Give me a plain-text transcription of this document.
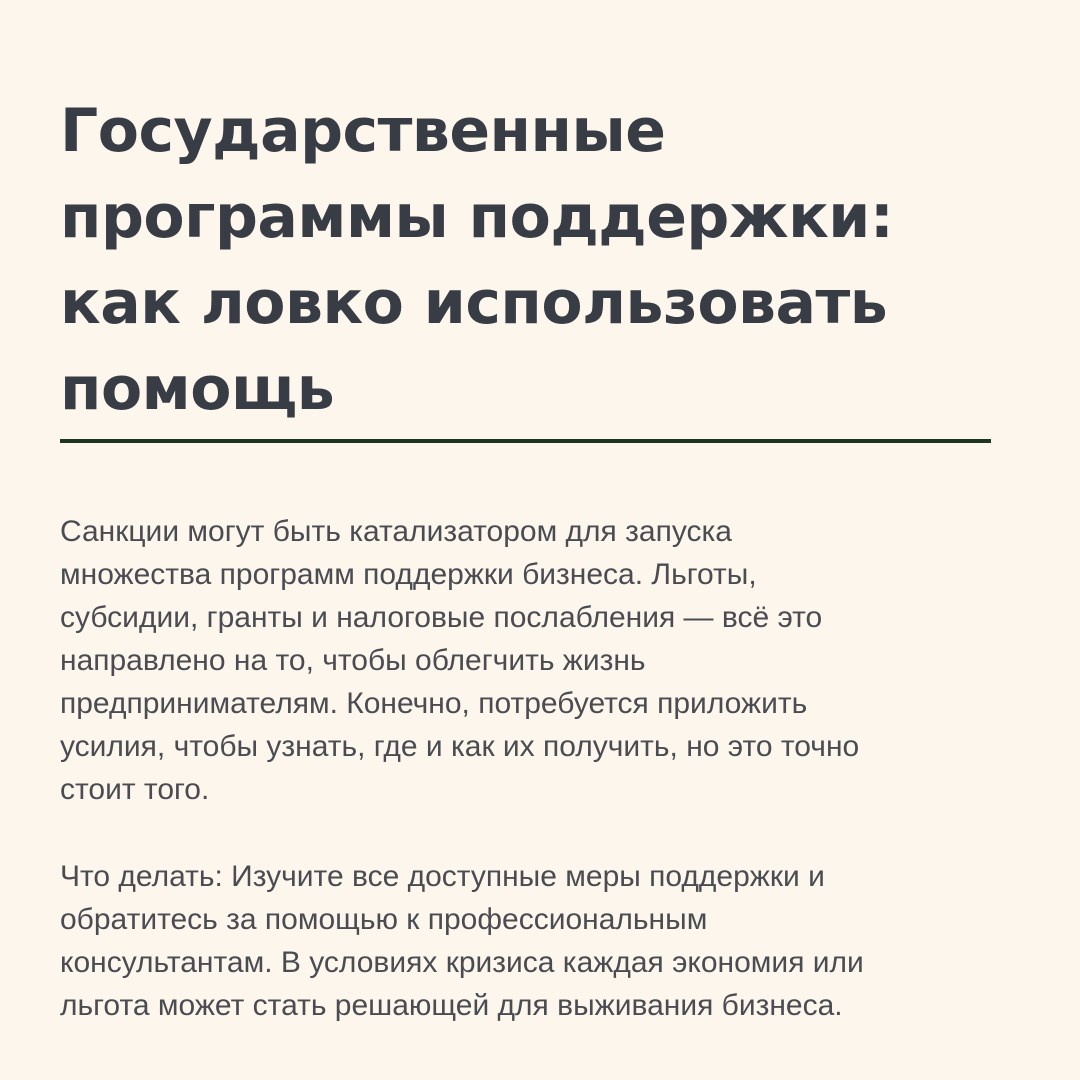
Государственные
программы поддержки:
как ловко использовать
помощь

Санкции могут быть катализатором для запуска
множества программ поддержки бизнеса. Льготы,
субсидии, гранты и налоговые послабления — всё это
направлено на то, чтобы облегчить жизнь
предпринимателям. Конечно, потребуется приложить
усилия, чтобы узнать, где и как их получить, но это точно
стоит того.

Что делать: Изучите все доступные меры поддержки и
обратитесь за помощью к профессиональным
консультантам. В условиях кризиса каждая экономия или
льгота может стать решающей для выживания бизнеса.
